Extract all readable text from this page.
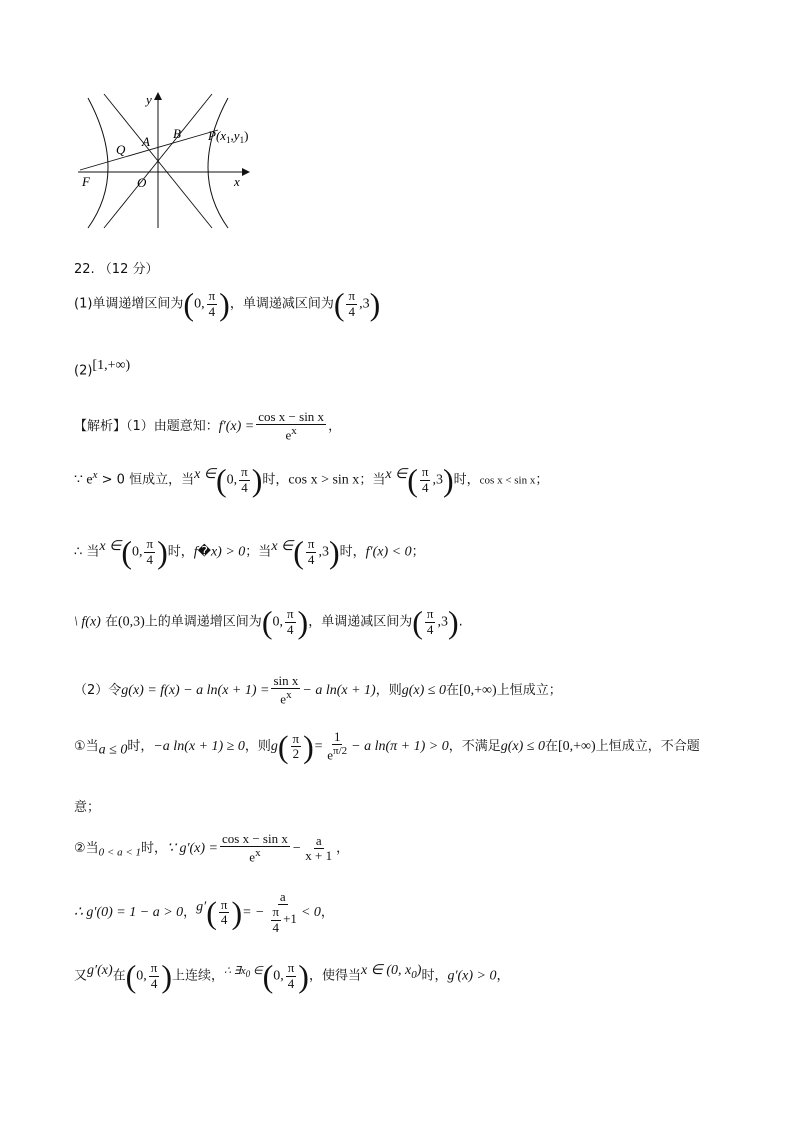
y
x
B $P(x_1,y_1)$
Q
A
F	O
22. （12 分）
(1)单调递增区间为(0, $\frac{\pi}{4}$ )，单调递减区间为( $\frac{\pi}{4} ,3$)
$(2)^{[1,+\infty)}$
【解析】（1）由题意知：$f'(x) = \frac{\text{cos x − sin x}}{e^x}$ ，
∵ $e^x > 0$ 恒成立，当$^{x \in}$(0, $\frac{\pi}{4}$ )时，cos x > sin x；当$^{x \in}( \frac{\pi}{4} ,3)$时，cos x < sin x；
∴ 当$^{x \in}$(0, $\frac{\pi}{4}$ )时，f�x) > 0；当$^{x \in}( \frac{\pi}{4} ,3)$时，f′(x) < 0；
\ f(x) 在(0,3)上的单调递增区间为(0, $\frac{\pi}{4}$ )，单调递减区间为( $\frac{\pi}{4} ,3$).
（2）令g(x) = f(x) − a $\ln(x + 1) = \frac{\text{sin x}}{e^x} - a$ ln(x + 1)，则g(x) ≤ 0在[0,+∞)上恒成立；
①当$_{a \le 0}$时，−a ln(x + 1) ≥ 0，则$g( \frac{\pi}{2}$ )= $\frac{1}{e^{\pi/2}} - a$ ln(π + 1) > 0，不满足g(x) ≤ 0在[0,+∞)上恒成立，不合题
意；
②当$_{0 < a < 1}$时，∵ $g'(x) = \frac{\text{cos x − sin x}}{e^x} - \frac{a}{x + 1}$ ，
∴ g′(0) = 1 − a > 0，$^{g'}( \frac{\pi}{4}$ )= − $\frac{a}{\frac{\pi}{4} +1} < 0$，
又$^{g'(x)}$在(0, $\frac{\pi}{4}$ )上连续，$^{\therefore \exists x_0 \in}$(0, $\frac{\pi}{4}$ )，使得当$^{x \in (0, x_0)}$时，g′(x) > 0，
